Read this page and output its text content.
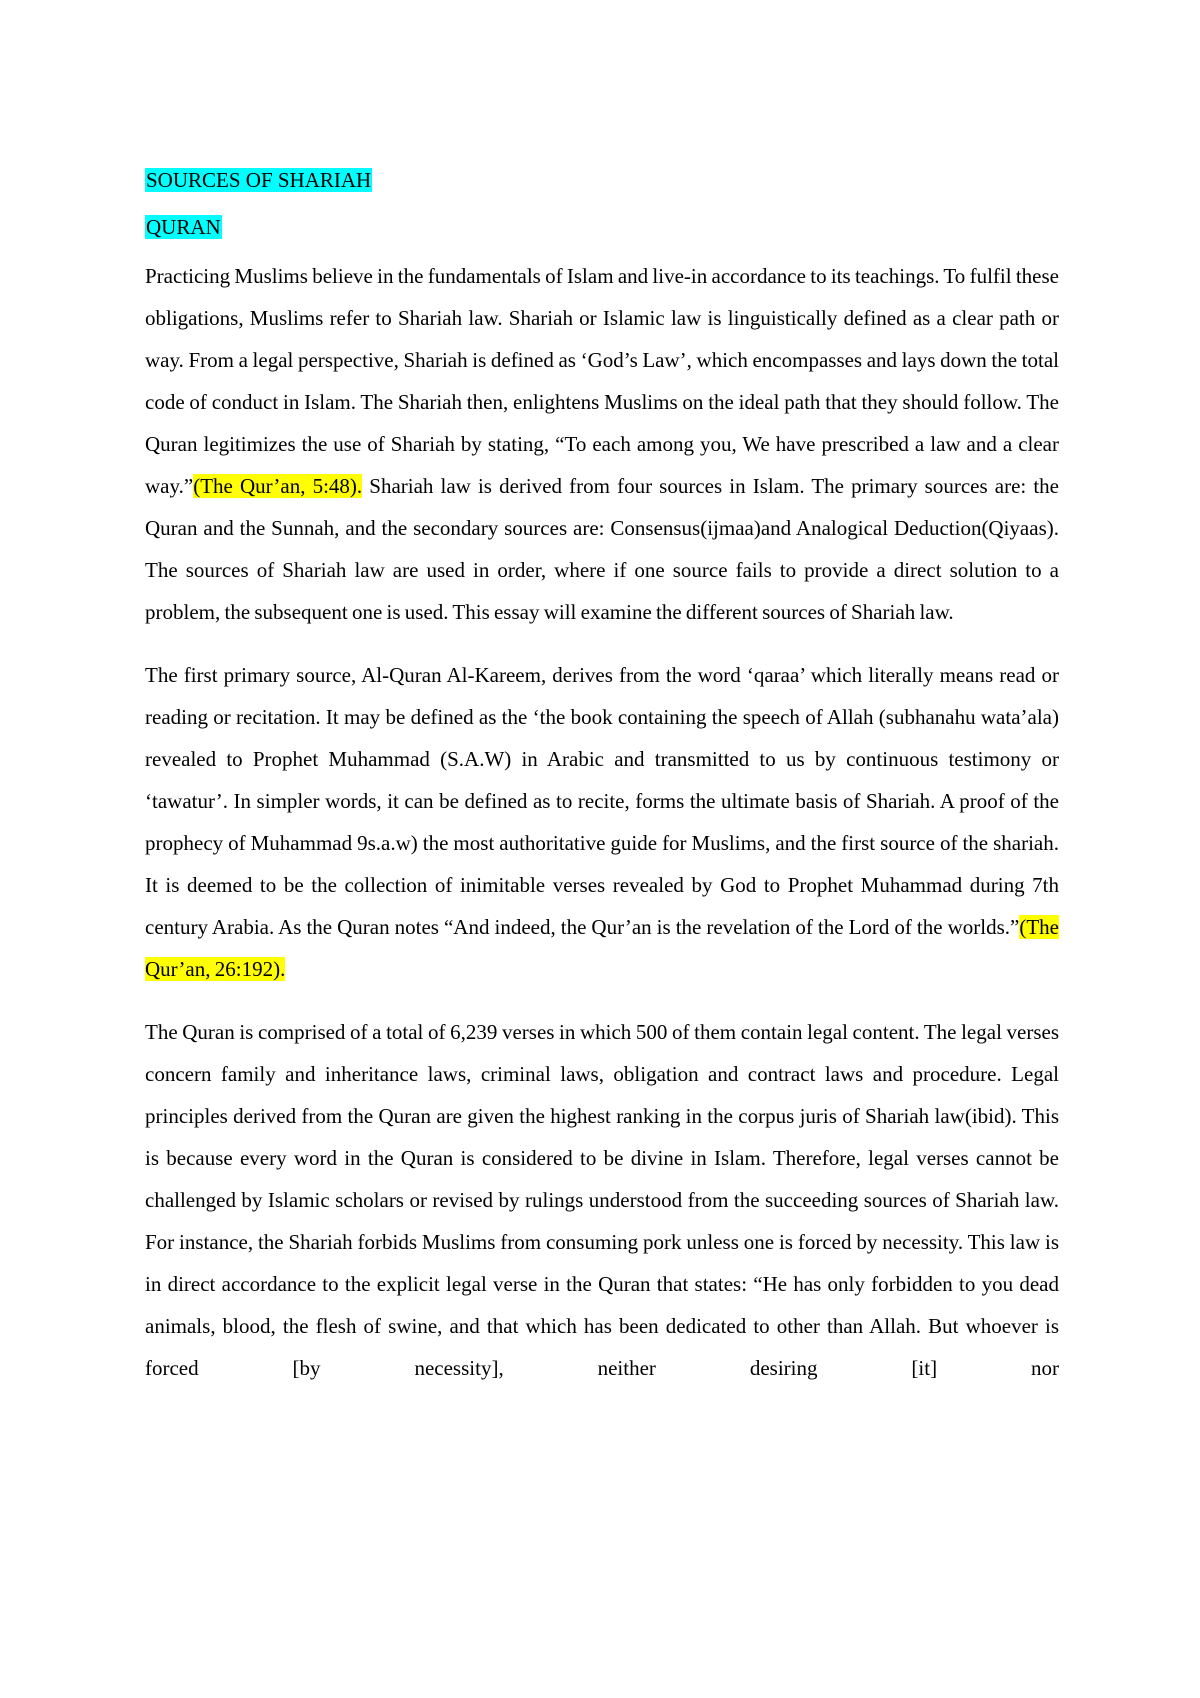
SOURCES OF SHARIAH
QURAN

Practicing Muslims believe in the fundamentals of Islam and live-in accordance to its teachings. To fulfil these obligations, Muslims refer to Shariah law. Shariah or Islamic law is linguistically defined as a clear path or way. From a legal perspective, Shariah is defined as ‘God’s Law’, which encompasses and lays down the total code of conduct in Islam. The Shariah then, enlightens Muslims on the ideal path that they should follow. The Quran legitimizes the use of Shariah by stating, “To each among you, We have prescribed a law and a clear way.”(The Qur’an, 5:48). Shariah law is derived from four sources in Islam. The primary sources are: the Quran and the Sunnah, and the secondary sources are: Consensus(ijmaa)and Analogical Deduction(Qiyaas). The sources of Shariah law are used in order, where if one source fails to provide a direct solution to a problem, the subsequent one is used. This essay will examine the different sources of Shariah law.

The first primary source, Al-Quran Al-Kareem, derives from the word ‘qaraa’ which literally means read or reading or recitation. It may be defined as the ‘the book containing the speech of Allah (subhanahu wata’ala) revealed to Prophet Muhammad (S.A.W) in Arabic and transmitted to us by continuous testimony or ‘tawatur’. In simpler words, it can be defined as to recite, forms the ultimate basis of Shariah. A proof of the prophecy of Muhammad 9s.a.w) the most authoritative guide for Muslims, and the first source of the shariah. It is deemed to be the collection of inimitable verses revealed by God to Prophet Muhammad during 7th century Arabia. As the Quran notes “And indeed, the Qur’an is the revelation of the Lord of the worlds.”(The Qur’an, 26:192).

The Quran is comprised of a total of 6,239 verses in which 500 of them contain legal content. The legal verses concern family and inheritance laws, criminal laws, obligation and contract laws and procedure. Legal principles derived from the Quran are given the highest ranking in the corpus juris of Shariah law(ibid). This is because every word in the Quran is considered to be divine in Islam. Therefore, legal verses cannot be challenged by Islamic scholars or revised by rulings understood from the succeeding sources of Shariah law. For instance, the Shariah forbids Muslims from consuming pork unless one is forced by necessity. This law is in direct accordance to the explicit legal verse in the Quran that states: “He has only forbidden to you dead animals, blood, the flesh of swine, and that which has been dedicated to other than Allah. But whoever is forced [by necessity], neither desiring [it] nor
